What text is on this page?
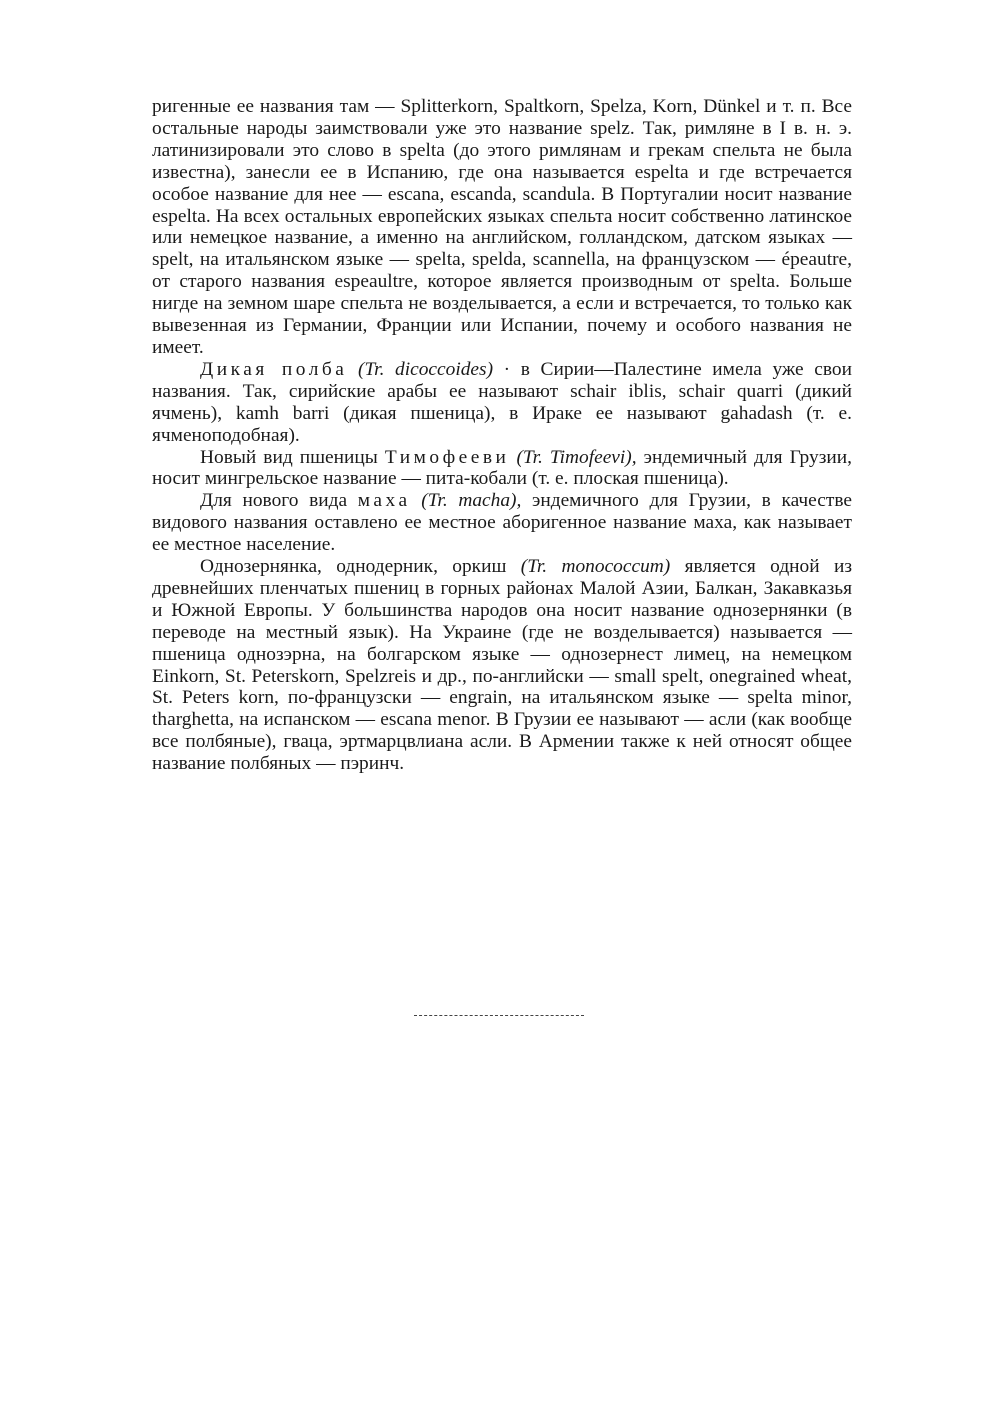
ригенные ее названия там — Splitterkorn, Spaltkorn, Spelza, Korn, Dünkel и т. п. Все остальные народы заимствовали уже это название spelz. Так, римляне в I в. н. э. латинизировали это слово в spelta (до этого римлянам и грекам спельта не была известна), занесли ее в Испанию, где она называется espelta и где встречается особое название для нее — escana, escanda, scandula. В Португалии носит название espelta. На всех остальных европейских языках спельта носит собственно латинское или немецкое название, а именно на английском, голландском, датском языках — spelt, на итальянском языке — spelta, spelda, scannella, на французском — épeautre, от старого названия espeaultre, которое является производным от spelta. Больше нигде на земном шаре спельта не возделывается, а если и встречается, то только как вывезенная из Германии, Франции или Испании, почему и особого названия не имеет.

Дикая полба (Tr. dicoccoides) · в Сирии—Палестине имела уже свои названия. Так, сирийские арабы ее называют schair iblis, schair quarri (дикий ячмень), kamh barri (дикая пшеница), в Ираке ее называют gahadash (т. е. ячменоподобная).

Новый вид пшеницы Тимофееви (Tr. Timofeevi), эндемичный для Грузии, носит мингрельское название — пита-кобали (т. е. плоская пшеница).

Для нового вида маха (Tr. macha), эндемичного для Грузии, в качестве видового названия оставлено ее местное аборигенное название маха, как называет ее местное население.

Однозернянка, однодерник, оркиш (Tr. monococcum) является одной из древнейших пленчатых пшениц в горных районах Малой Азии, Балкан, Закавказья и Южной Европы. У большинства народов она носит название однозернянки (в переводе на местный язык). На Украине (где не возделывается) называется — пшеница однозэрна, на болгарском языке — однозернест лимец, на немецком Einkorn, St. Peterskorn, Spelzreis и др., по-английски — small spelt, onegrained wheat, St. Peters korn, по-французски — engrain, на итальянском языке — spelta minor, tharghetta, на испанском — escana menor. В Грузии ее называют — асли (как вообще все полбяные), гваца, эртмарцвлиана асли. В Армении также к ней относят общее название полбяных — пэринч.
